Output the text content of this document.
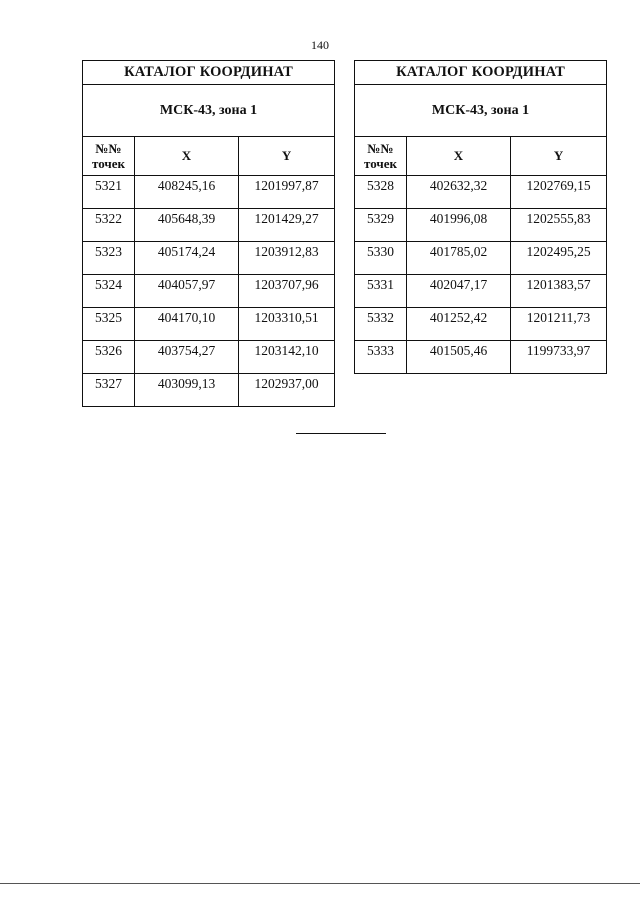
140
КАТАЛОГ КООРДИНАТ		
МСК-43, зона 1		

№№
точек	X	Y
5321	408245,16	1201997,87
5322	405648,39	1201429,27
5323	405174,24	1203912,83
5324	404057,97	1203707,96
5325	404170,10	1203310,51
5326	403754,27	1203142,10
5327	403099,13	1202937,00
КАТАЛОГ КООРДИНАТ		
МСК-43, зона 1		

№№
точек	X	Y
5328	402632,32	1202769,15
5329	401996,08	1202555,83
5330	401785,02	1202495,25
5331	402047,17	1201383,57
5332	401252,42	1201211,73
5333	401505,46	1199733,97
